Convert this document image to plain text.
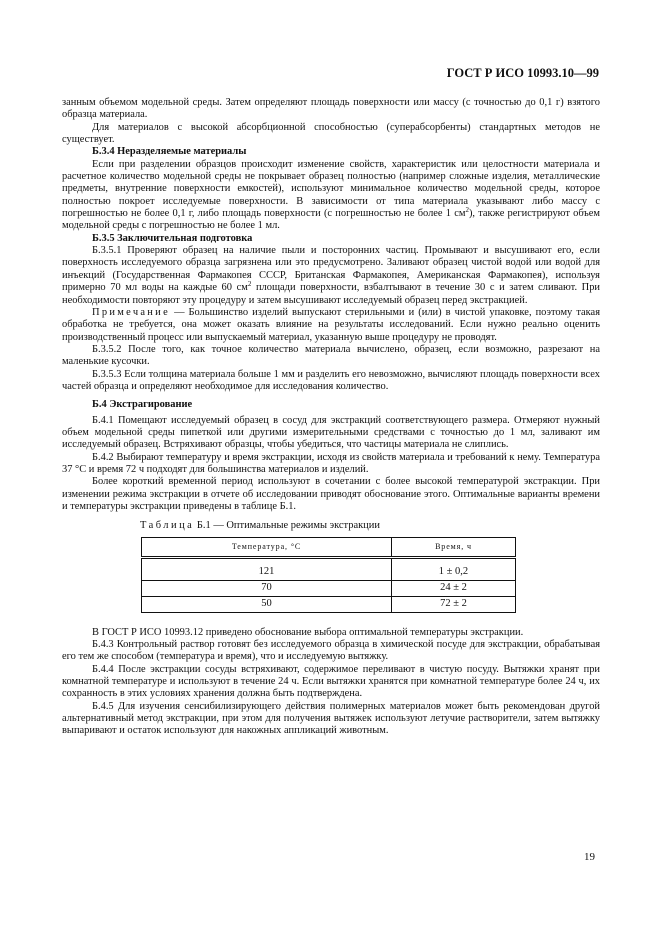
ГОСТ Р ИСО 10993.10—99

занным объемом модельной среды. Затем определяют площадь поверхности или массу (с точностью до 0,1 г) взятого образца материала.

Для материалов с высокой абсорбционной способностью (суперабсорбенты) стандартных методов не существует.

Б.3.4 Неразделяемые материалы

Если при разделении образцов происходит изменение свойств, характеристик или целостности материала и расчетное количество модельной среды не покрывает образец полностью (например сложные изделия, металлические предметы, внутренние поверхности емкостей), используют минимальное количество модельной среды, которое полностью покроет исследуемые поверхности. В зависимости от типа материала указывают либо массу с погрешностью не более 0,1 г, либо площадь поверхности (с погрешностью не более 1 $см^2$), также регистрируют объем модельной среды с погрешностью не более 1 мл.

Б.3.5 Заключительная подготовка

Б.3.5.1 Проверяют образец на наличие пыли и посторонних частиц. Промывают и высушивают его, если поверхность исследуемого образца загрязнена или это предусмотрено. Заливают образец чистой водой или водой для инъекций (Государственная Фармакопея СССР, Британская Фармакопея, Американская Фармакопея), используя примерно 70 мл воды на каждые 60 $см^2$ площади поверхности, взбалтывают в течение 30 с и затем сливают. При необходимости повторяют эту процедуру и затем высушивают исследуемый образец перед экстракцией.

Примечание — Большинство изделий выпускают стерильными и (или) в чистой упаковке, поэтому такая обработка не требуется, она может оказать влияние на результаты исследований. Если нужно реально оценить производственный процесс или выпускаемый материал, указанную выше процедуру не проводят.

Б.3.5.2 После того, как точное количество материала вычислено, образец, если возможно, разрезают на маленькие кусочки.

Б.3.5.3 Если толщина материала больше 1 мм и разделить его невозможно, вычисляют площадь поверхности всех частей образца и определяют необходимое для исследования количество.

Б.4 Экстрагирование

Б.4.1 Помещают исследуемый образец в сосуд для экстракций соответствующего размера. Отмеряют нужный объем модельной среды пипеткой или другими измерительными средствами с точностью до 1 мл, заливают им исследуемый образец. Встряхивают образцы, чтобы убедиться, что частицы материала не слиплись.

Б.4.2 Выбирают температуру и время экстракции, исходя из свойств материала и требований к нему. Температура 37 °С и время 72 ч подходят для большинства материалов и изделий.

Более короткий временной период используют в сочетании с более высокой температурой экстракции. При изменении режима экстракции в отчете об исследовании приводят обоснование этого. Оптимальные варианты времени и температуры экстракции приведены в таблице Б.1.

Таблица Б.1 — Оптимальные режимы экстракции

Температура, °С	Время, ч
121	1 ± 0,2
70	24 ± 2
50	72 ± 2

В ГОСТ Р ИСО 10993.12 приведено обоснование выбора оптимальной температуры экстракции.

Б.4.3 Контрольный раствор готовят без исследуемого образца в химической посуде для экстракции, обрабатывая его тем же способом (температура и время), что и исследуемую вытяжку.

Б.4.4 После экстракции сосуды встряхивают, содержимое переливают в чистую посуду. Вытяжки хранят при комнатной температуре и используют в течение 24 ч. Если вытяжки хранятся при комнатной температуре более 24 ч, их сохранность в этих условиях хранения должна быть подтверждена.

Б.4.5 Для изучения сенсибилизирующего действия полимерных материалов может быть рекомендован другой альтернативный метод экстракции, при этом для получения вытяжек используют летучие растворители, затем вытяжку выпаривают и остаток используют для накожных аппликаций животным.

19
